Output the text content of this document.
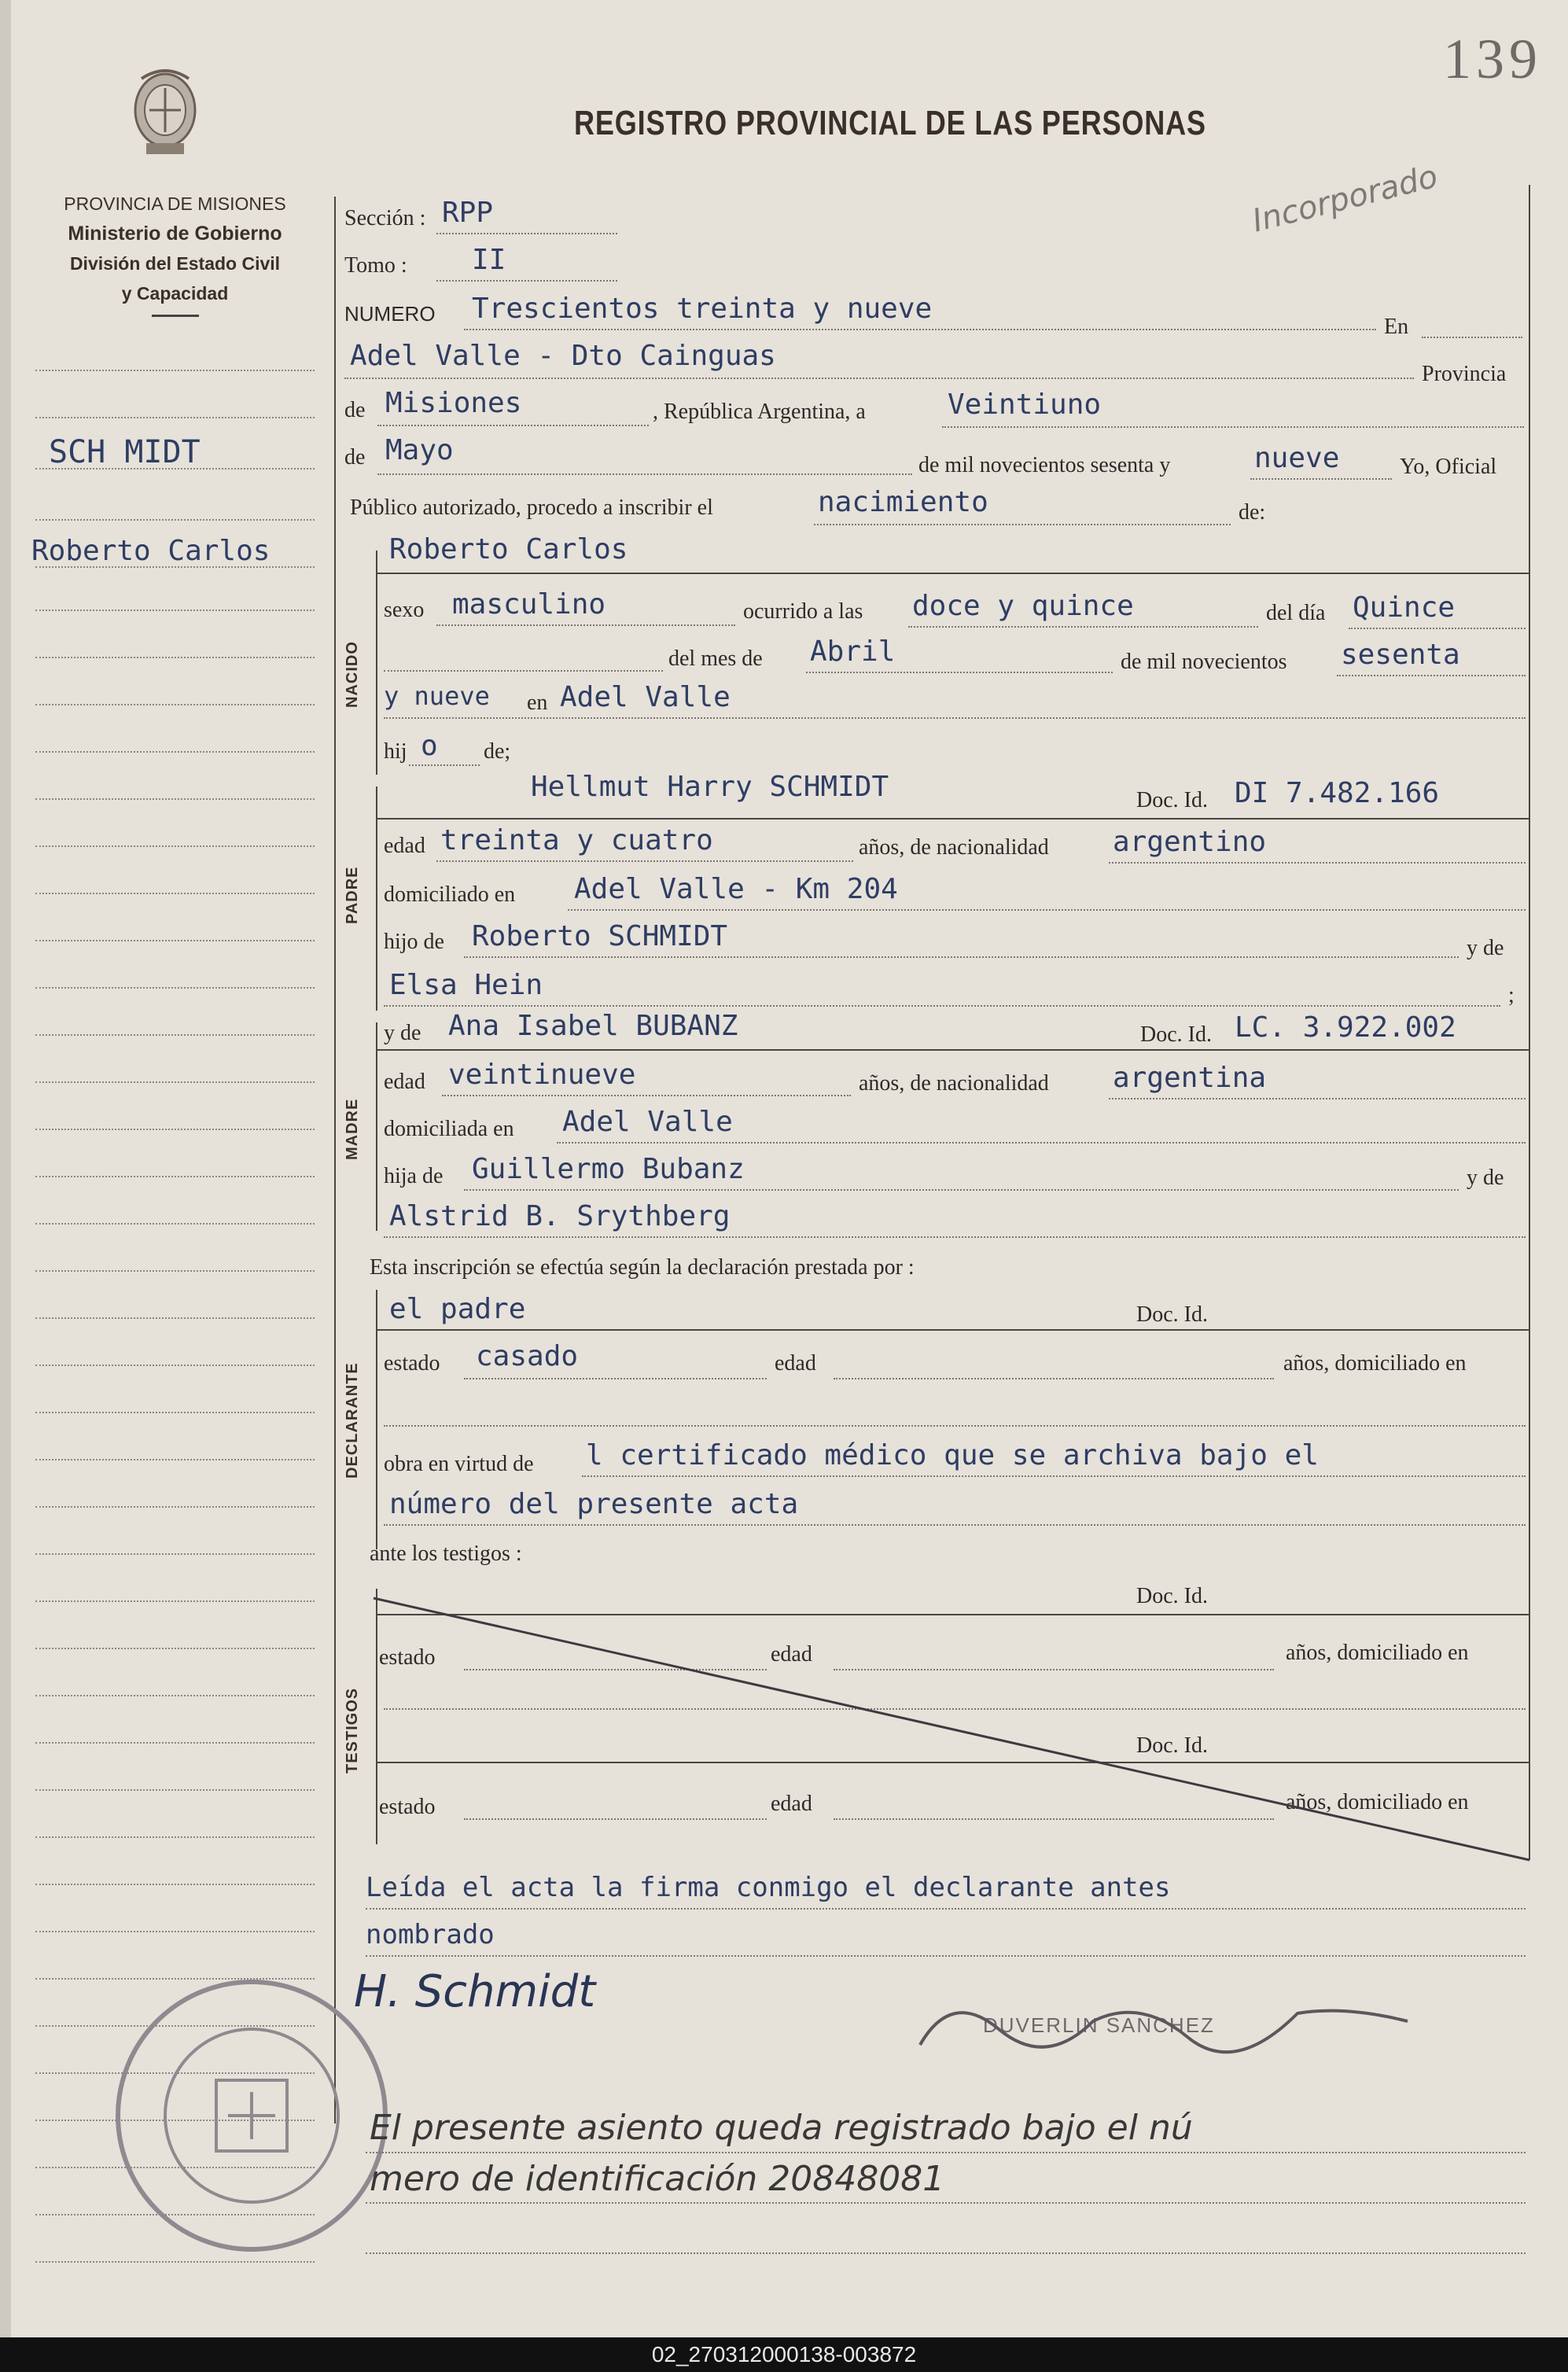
139
REGISTRO PROVINCIAL DE LAS PERSONAS
PROVINCIA DE MISIONES
Ministerio de Gobierno
División del Estado Civil
y Capacidad
SCH MIDT
Roberto Carlos
Incorporado
Sección : RPP
Tomo : II
NUMERO Trescientos treinta y nueve
En
Adel Valle - Dto Cainguas
Provincia
de Misiones	, República Argentina, a	Veintiuno
de Mayo	de mil novecientos sesenta y	nueve	Yo, Oficial
Público autorizado, procedo a inscribir el	nacimiento	de:
NACIDO
Roberto Carlos
sexo masculino	ocurrido a las doce y quince	del día Quince
del mes de Abril	de mil novecientos sesenta
y nueve en Adel Valle
hij o de;
PADRE
Hellmut Harry SCHMIDT	Doc. Id. DI 7.482.166
edad treinta y cuatro	años, de nacionalidad argentino
domiciliado en Adel Valle - Km 204
hijo de Roberto SCHMIDT	y de
Elsa Hein	;
MADRE
y de Ana Isabel BUBANZ	Doc. Id. LC. 3.922.002
edad veintinueve	años, de nacionalidad argentina
domiciliada en Adel Valle
hija de Guillermo Bubanz	y de
Alstrid B. Srythberg
Esta inscripción se efectúa según la declaración prestada por :
DECLARANTE
el padre	Doc. Id.
estado casado	edad	años, domiciliado en
obra en virtud de l certificado médico que se archiva bajo el
número del presente acta
ante los testigos :
TESTIGOS
Doc. Id.
estado	edad	años, domiciliado en
Doc. Id.
estado	edad	años, domiciliado en
Leída el acta la firma conmigo el declarante antes
nombrado
H. Schmidt
DUVERLIN SANCHEZ
El presente asiento queda registrado bajo el nú
mero de identificación 20848081
02_270312000138-003872
